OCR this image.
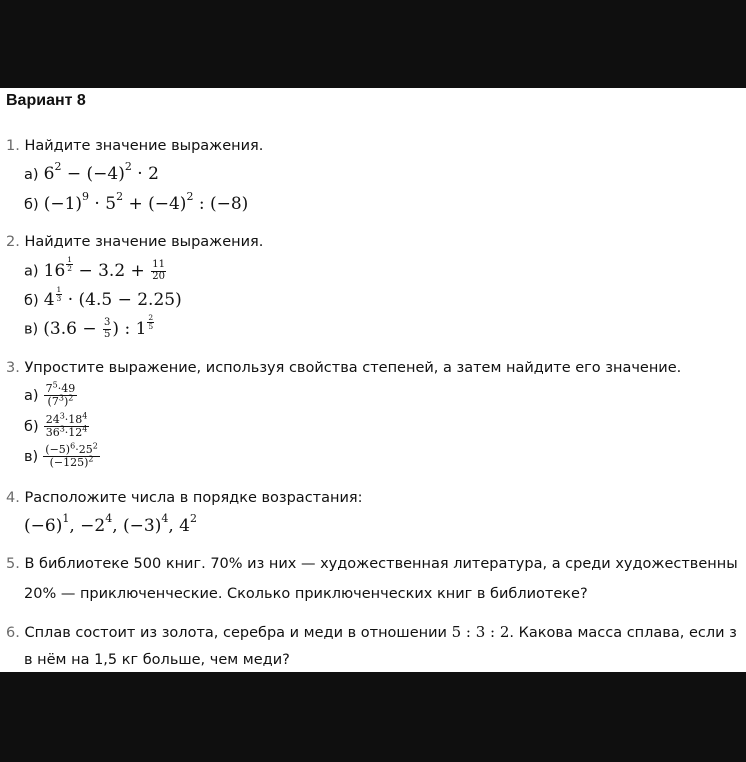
Вариант 8
1. Найдите значение выражения.
а) $6^2 - (-4)^2 \cdot 2$
б) $(-1)^9 \cdot 5^2 + (-4)^2$ : (−8)
2. Найдите значение выражения.
а) $16 \frac{1}{2} - 3.2 + \frac{11}{20}$
б) $4 \frac{1}{3} \cdot (4.5 - 2.25)$
в) ($3.6 - \frac{3}{5}$ ) : $1 \frac{2}{5}$
3. Упростите выражение, используя свойства степеней, а затем найдите его значение.
$а) \frac{7^5\cdot 49}{(7^3)^2}$
$б) \frac{24^3\cdot 18^4}{36^3\cdot 12^4}$
$в) \frac{(-5)^6\cdot 25^2}{(-125)^2}$
4. Расположите числа в порядке возрастания:
$(-6)^1$, $-2^4$, $(-3)^4$, $4^2$
5. В библиотеке 500 книг. 70% из них — художественная литература, а среди художественны
20% — приключенческие. Сколько приключенческих книг в библиотеке?
6. Сплав состоит из золота, серебра и меди в отношении 5 : 3 : 2. Какова масса сплава, если з
в нём на 1,5 кг больше, чем меди?
